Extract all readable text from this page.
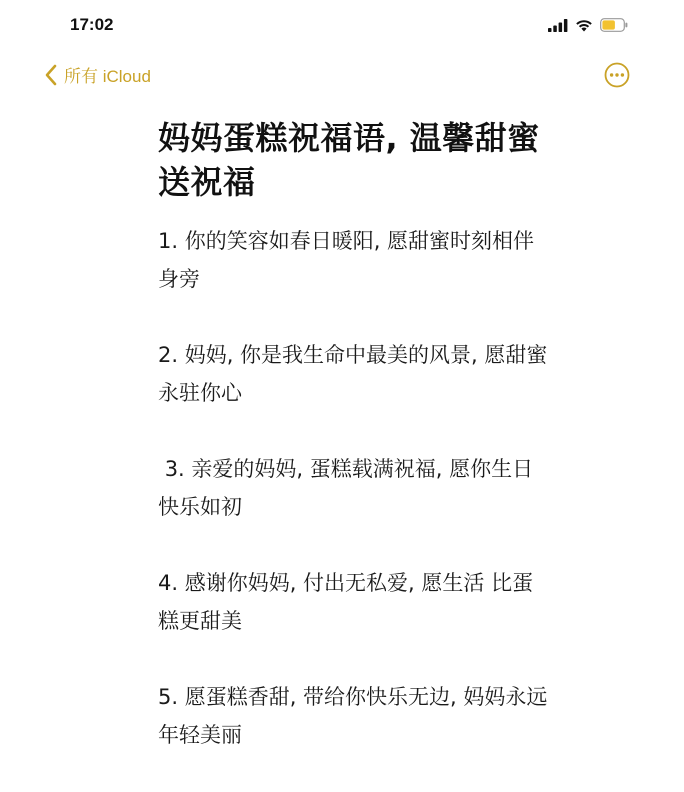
17:02
所有 iCloud
妈妈蛋糕祝福语, 温馨甜蜜送祝福

1. 你的笑容如春日暖阳, 愿甜蜜时刻相伴身旁

2. 妈妈, 你是我生命中最美的风景, 愿甜蜜永驻你心

3. 亲爱的妈妈, 蛋糕载满祝福, 愿你生日快乐如初

4. 感谢你妈妈, 付出无私爱, 愿生活 比蛋糕更甜美

5. 愿蛋糕香甜, 带给你快乐无边, 妈妈永远年轻美丽
